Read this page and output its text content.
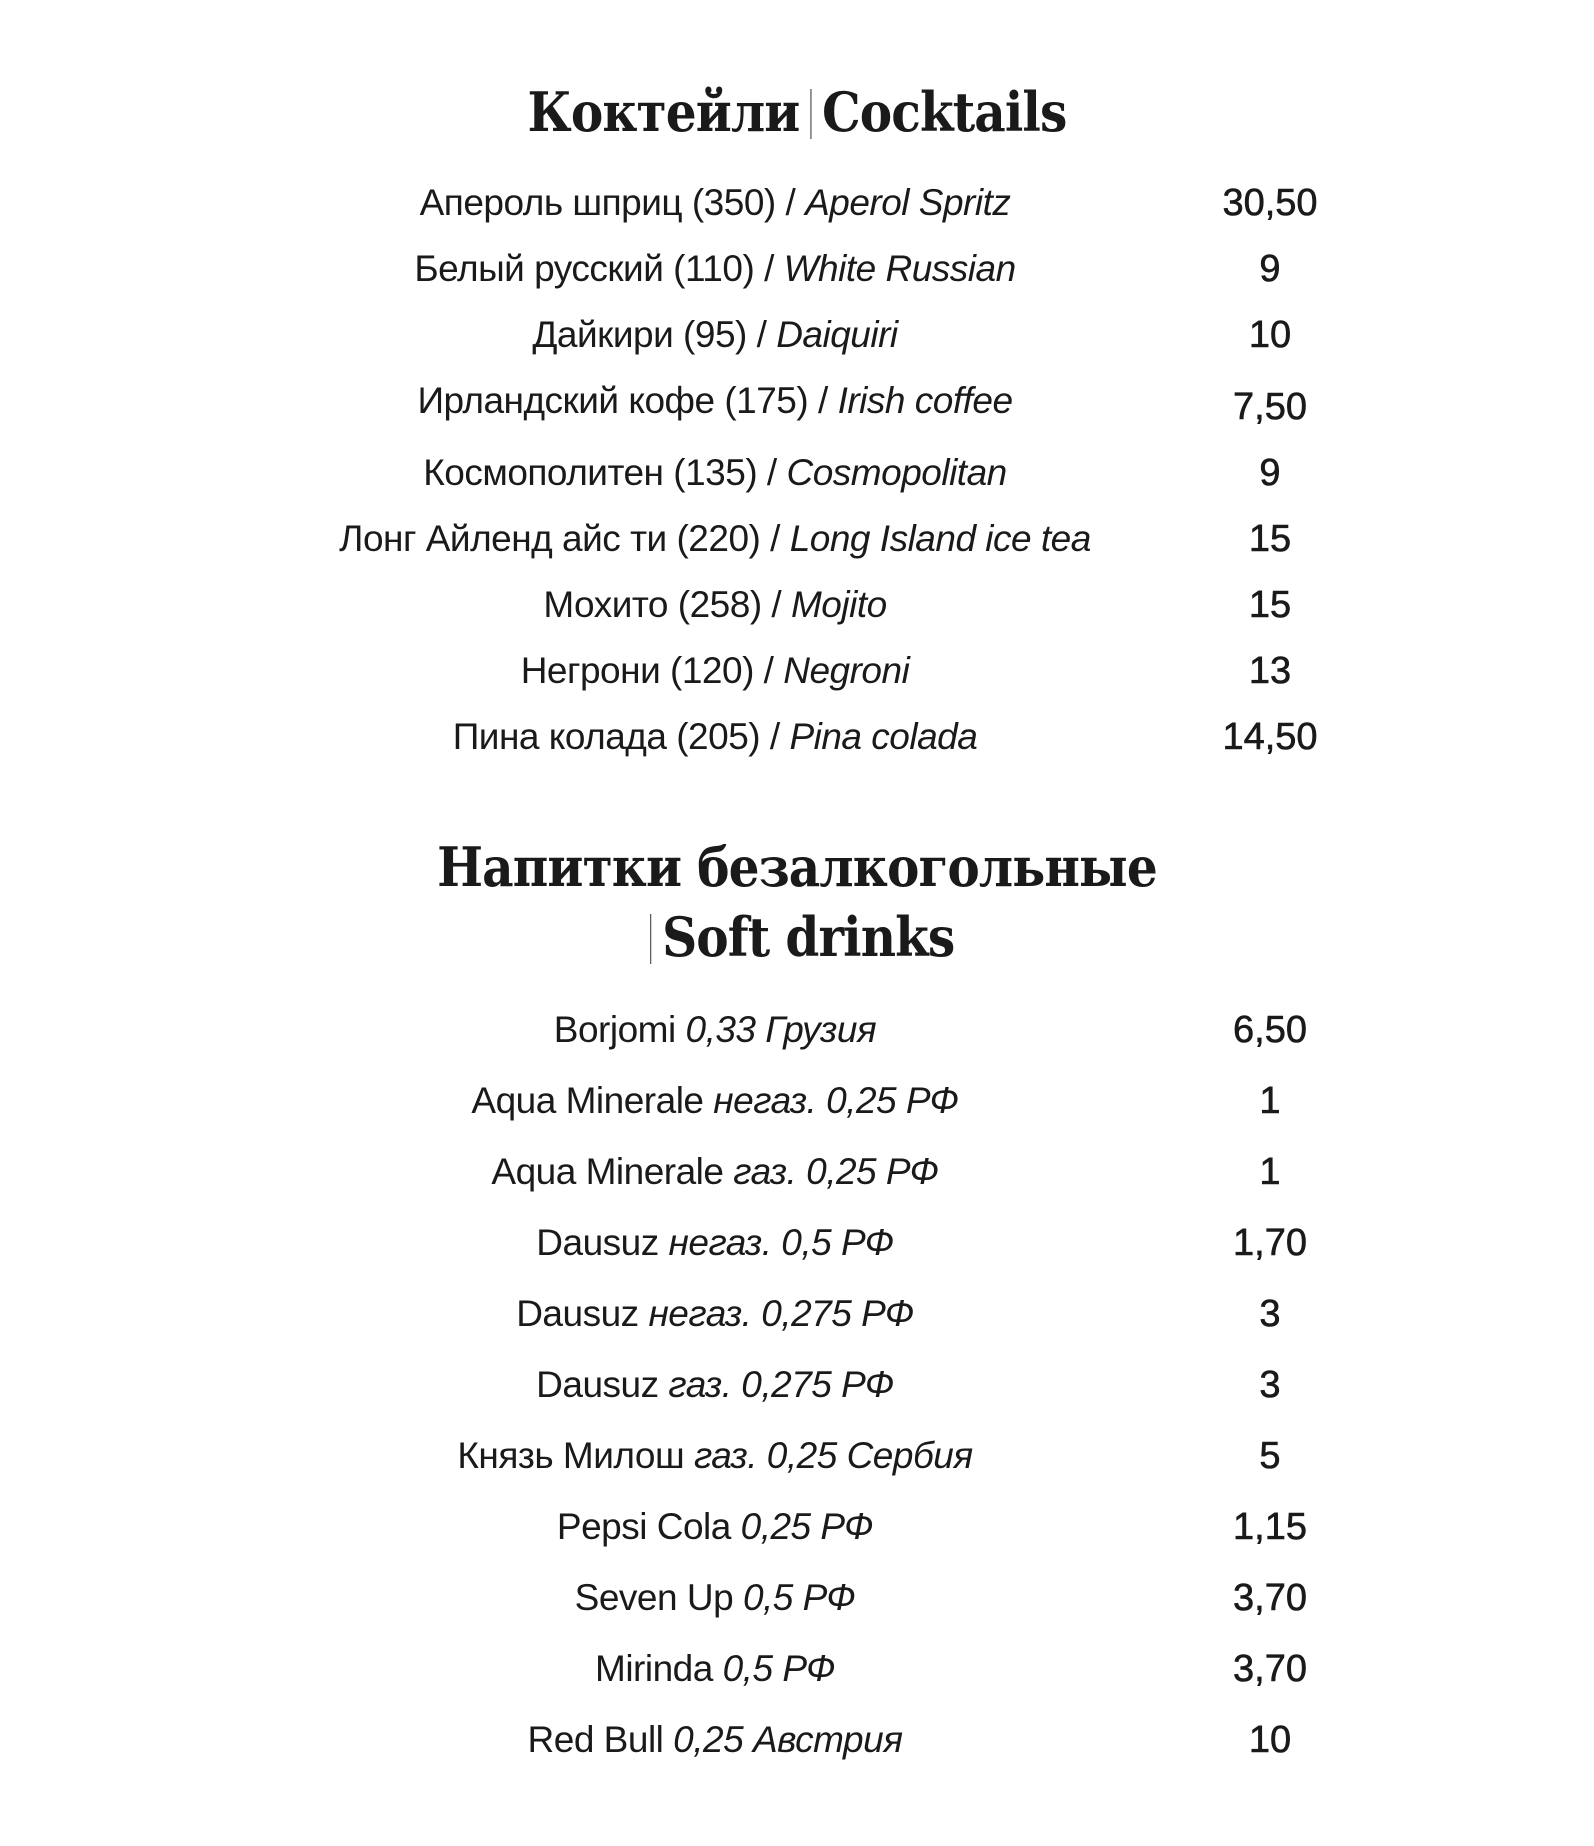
Коктейли Cocktails
Апероль шприц (350) / Aperol Spritz	30,50
Белый русский (110) / White Russian	9
Дайкири (95) / Daiquiri	10
Ирландский кофе (175) / Irish coffee	7,50
Космополитен (135) / Cosmopolitan	9
Лонг Айленд айс ти (220) / Long Island ice tea	15
Мохито (258) / Mojito	15
Негрони (120) / Negroni	13
Пина колада (205) / Pina colada	14,50
Напитки безалкогольные
Soft drinks
Borjomi 0,33 Грузия	6,50
Aqua Minerale негаз. 0,25 РФ	1
Aqua Minerale газ. 0,25 РФ	1
Dausuz негаз. 0,5 РФ	1,70
Dausuz негаз. 0,275 РФ	3
Dausuz газ. 0,275 РФ	3
Князь Милош газ. 0,25 Сербия	5
Pepsi Cola 0,25 РФ	1,15
Seven Up 0,5 РФ	3,70
Mirinda 0,5 РФ	3,70
Red Bull 0,25 Австрия	10
